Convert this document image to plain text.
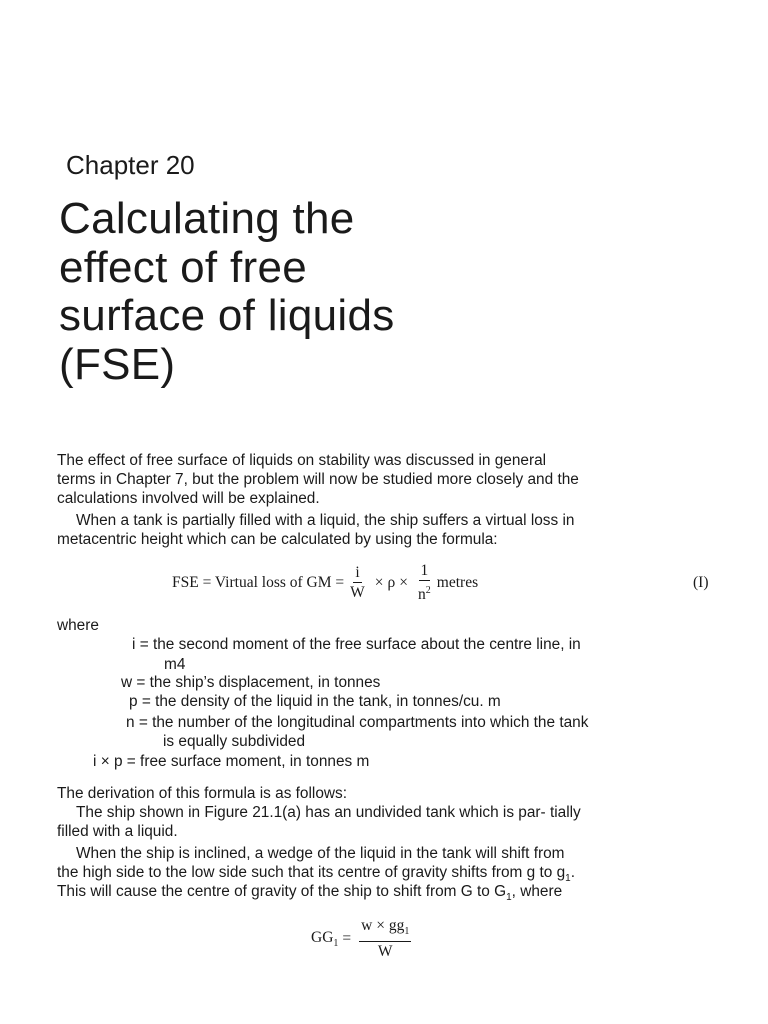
Chapter 20
Calculating the
effect of free
surface of liquids
(FSE)
The effect of free surface of liquids on stability was discussed in general
terms in Chapter 7, but the problem will now be studied more closely and the
calculations involved will be explained.
When a tank is partially filled with a liquid, the ship suffers a virtual loss in
metacentric height which can be calculated by using the formula:
FSE = Virtual loss of GM = $\frac{i}{W} \times \rho \times \frac{1}{n^2}$ metres	(I)
where
i = the second moment of the free surface about the centre line, in
m4
w = the ship’s displacement, in tonnes
p = the density of the liquid in the tank, in tonnes/cu. m
n = the number of the longitudinal compartments into which the tank
is equally subdivided
i × p = free surface moment, in tonnes m
The derivation of this formula is as follows:
The ship shown in Figure 21.1(a) has an undivided tank which is par- tially
filled with a liquid.
When the ship is inclined, a wedge of the liquid in the tank will shift from
the high side to the low side such that its centre of gravity shifts from g to $g_1$.
This will cause the centre of gravity of the ship to shift from G to $G_1$, where
$GG_1 = \frac{w \times gg_1}{W}$
